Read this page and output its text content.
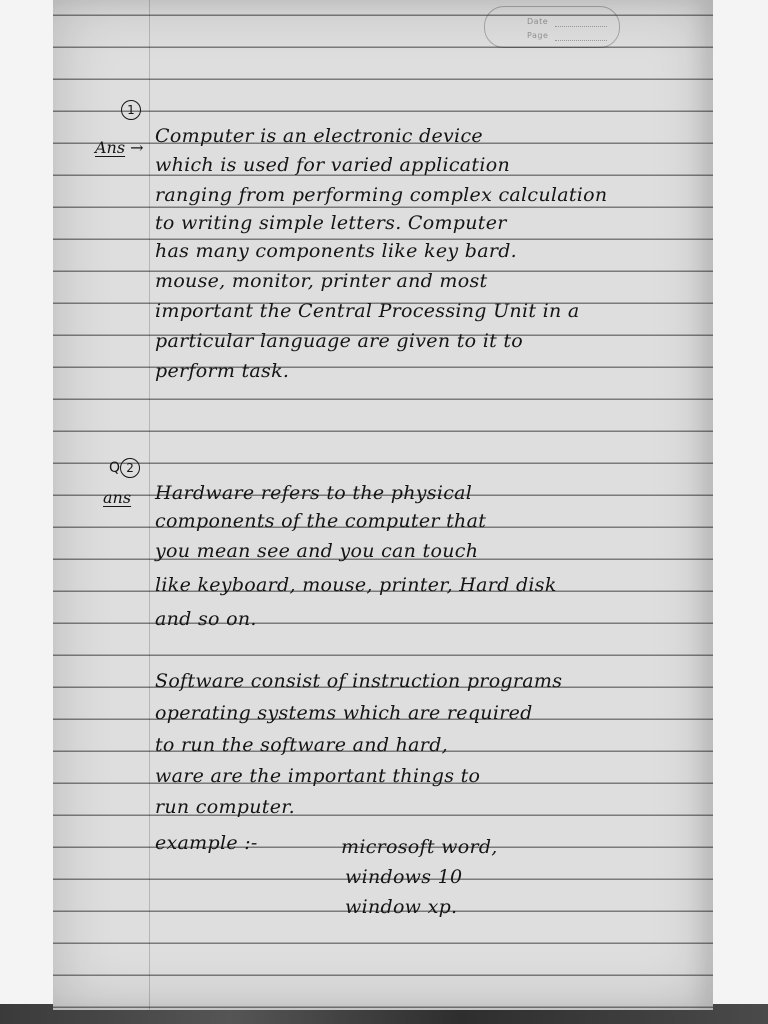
Date
Page
1
Ans →
Computer is an electronic device
which is used for varied application
ranging from performing complex calculation
to writing simple letters. Computer
has many components like key bard.
mouse, monitor, printer and most
important the Central Processing Unit in a
particular language are given to it to
perform task.
Q 2
ans Hardware refers to the physical
components of the computer that
you mean see and you can touch
like keyboard, mouse, printer, Hard disk
and so on.
Software consist of instruction programs
operating systems which are required
to run the software and hard,
ware are the important things to
run computer.
example :-	microsoft word,
windows 10
window xp.
